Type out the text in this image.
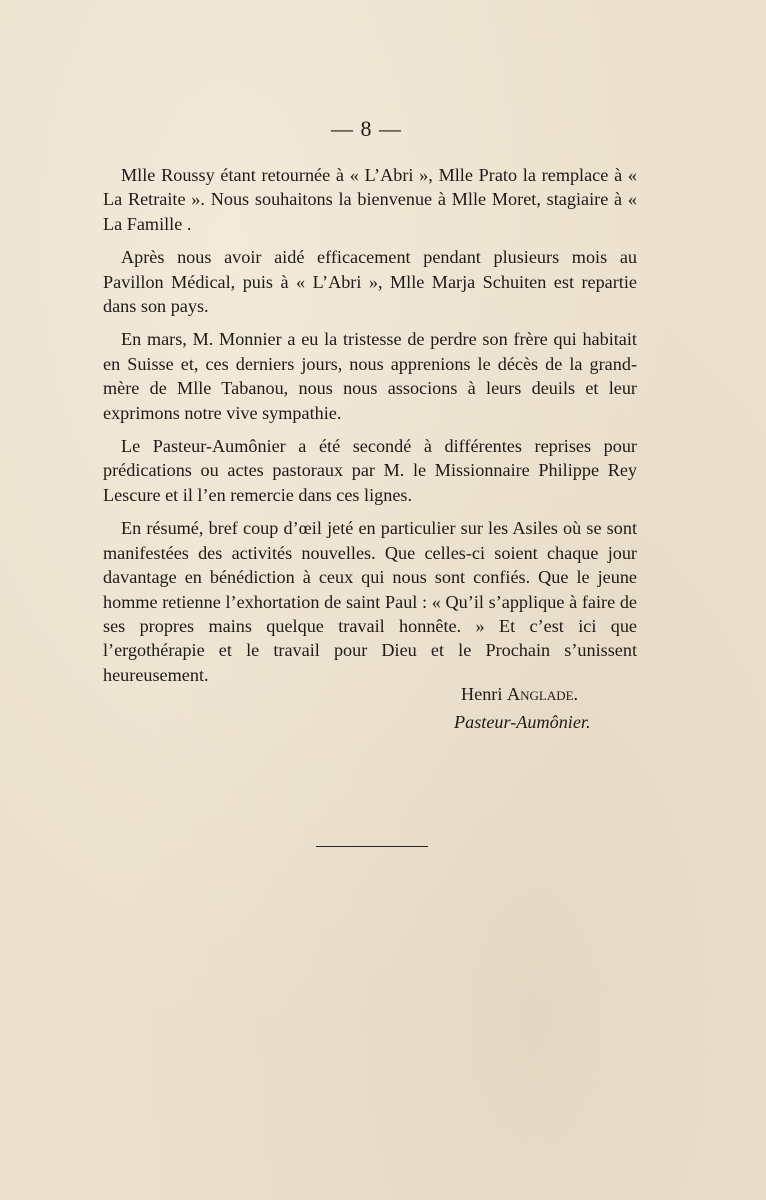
— 8 —

Mlle Roussy étant retournée à « L’Abri », Mlle Prato la remplace à « La Retraite ». Nous souhaitons la bienvenue à Mlle Moret, stagiaire à « La Famille .

Après nous avoir aidé efficacement pendant plusieurs mois au Pavillon Médical, puis à « L’Abri », Mlle Marja Schuiten est repartie dans son pays.

En mars, M. Monnier a eu la tristesse de perdre son frère qui habitait en Suisse et, ces derniers jours, nous apprenions le décès de la grand-mère de Mlle Tabanou, nous nous associons à leurs deuils et leur exprimons notre vive sympathie.

Le Pasteur-Aumônier a été secondé à différentes reprises pour prédications ou actes pastoraux par M. le Missionnaire Philippe Rey Lescure et il l’en remercie dans ces lignes.

En résumé, bref coup d’œil jeté en particulier sur les Asiles où se sont manifestées des activités nouvelles. Que celles-ci soient chaque jour davantage en bénédiction à ceux qui nous sont confiés. Que le jeune homme retienne l’exhortation de saint Paul : « Qu’il s’applique à faire de ses propres mains quelque travail honnête. » Et c’est ici que l’ergothérapie et le travail pour Dieu et le Prochain s’unissent heureusement.

Henri Anglade.
Pasteur-Aumônier.
